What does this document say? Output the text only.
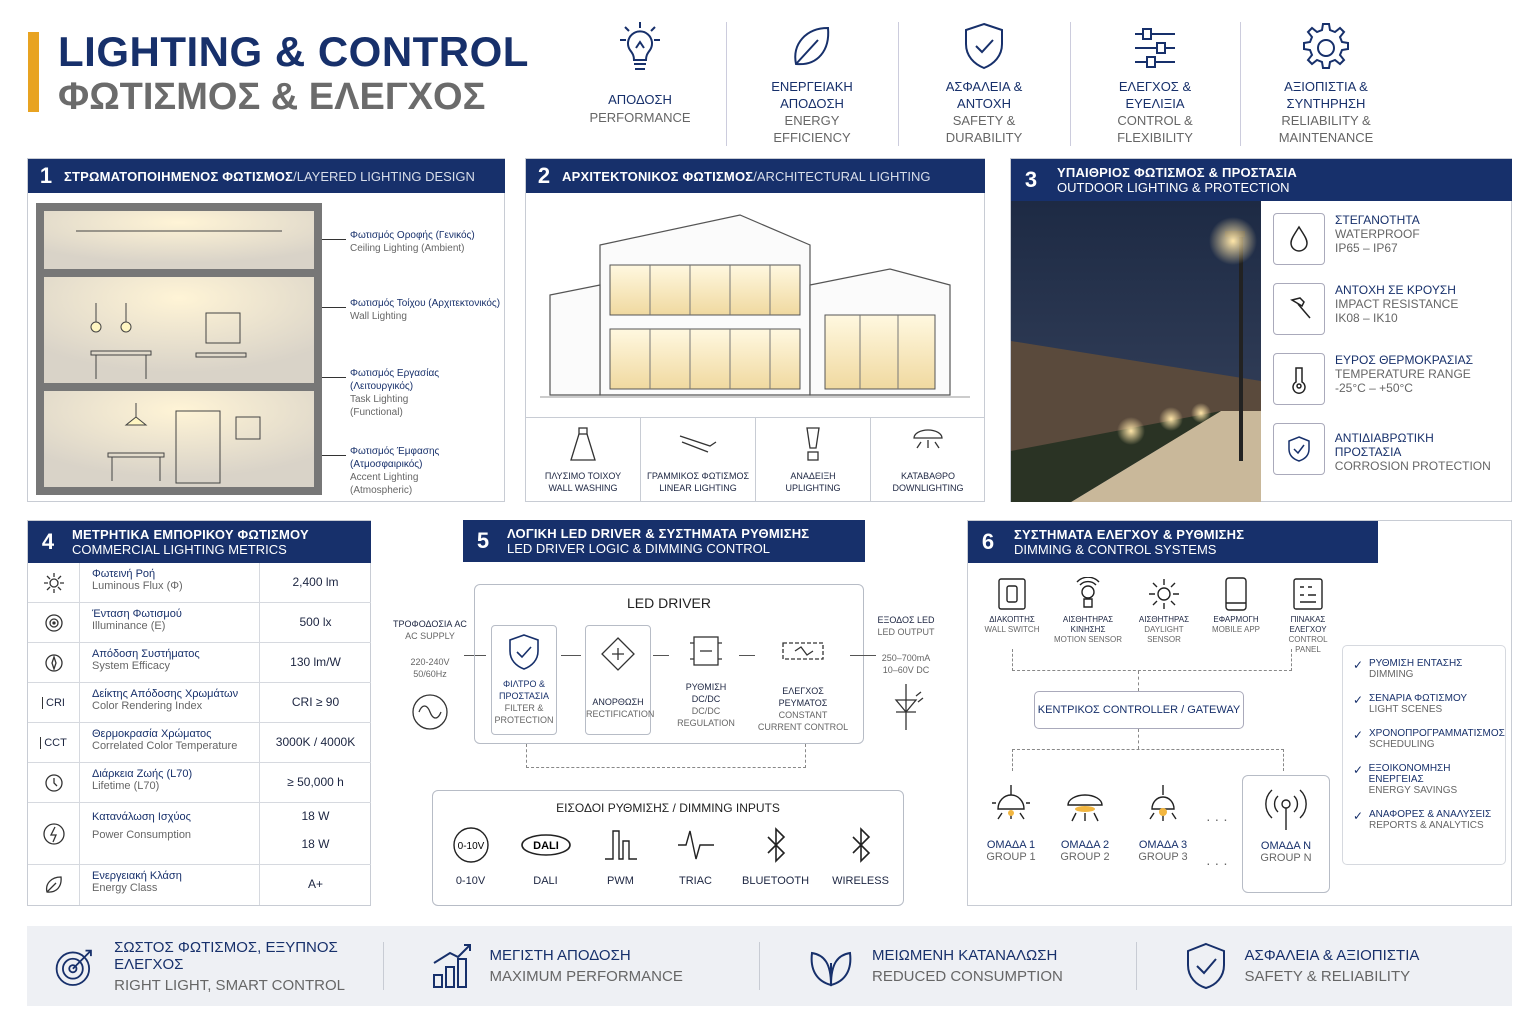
LIGHTING & CONTROL
ΦΩΤΙΣΜΟΣ & ΕΛΕΓΧΟΣ	ΑΠΟΔΟΣΗ
PERFORMANCE
ΕΝΕΡΓΕΙΑΚΗ ΑΠΟΔΟΣΗ
ENERGY EFFICIENCY
ΑΣΦΑΛΕΙΑ & ΑΝΤΟΧΗ
SAFETY & DURABILITY
ΕΛΕΓΧΟΣ & ΕΥΕΛΙΞΙΑ
CONTROL & FLEXIBILITY
ΑΞΙΟΠΙΣΤΙΑ & ΣΥΝΤΗΡΗΣΗ
RELIABILITY & MAINTENANCE
1 ΣΤΡΩΜΑΤΟΠΟΙΗΜΕΝΟΣ ΦΩΤΙΣΜΟΣ / LAYERED LIGHTING DESIGN
Φωτισμός Οροφής (Γενικός)
Ceiling Lighting (Ambient)
Φωτισμός Τοίχου (Αρχιτεκτονικός)
Wall Lighting
Φωτισμός Εργασίας (Λειτουργικός)
Task Lighting (Functional)
Φωτισμός Έμφασης (Ατμοσφαιρικός)
Accent Lighting (Atmospheric)
2 ΑΡΧΙΤΕΚΤΟΝΙΚΟΣ ΦΩΤΙΣΜΟΣ / ARCHITECTURAL LIGHTING
ΠΛΥΣΙΜΟ ΤΟΙΧΟΥ
WALL WASHING
ΓΡΑΜΜΙΚΟΣ ΦΩΤΙΣΜΟΣ
LINEAR LIGHTING
ΑΝΑΔΕΙΞΗ
UPLIGHTING
ΚΑΤΑΒΑΘΡΟ
DOWNLIGHTING
3	ΥΠΑΙΘΡΙΟΣ ΦΩΤΙΣΜΟΣ & ΠΡΟΣΤΑΣΙΑ
OUTDOOR LIGHTING & PROTECTION
ΣΤΕΓΑΝΟΤΗΤΑ
WATERPROOF
IP65 – IP67
ΑΝΤΟΧΗ ΣΕ ΚΡΟΥΣΗ
IMPACT RESISTANCE
IK08 – IK10
ΕΥΡΟΣ ΘΕΡΜΟΚΡΑΣΙΑΣ
TEMPERATURE RANGE
-25°C – +50°C
ΑΝΤΙΔΙΑΒΡΩΤΙΚΗ ΠΡΟΣΤΑΣΙΑ
CORROSION PROTECTION
4	ΜΕΤΡΗΤΙΚΑ ΕΜΠΟΡΙΚΟΥ ΦΩΤΙΣΜΟΥ
COMMERCIAL LIGHTING METRICS
Φωτεινή Ροή
Luminous Flux (Φ)	2,400 lm
Ένταση Φωτισμού
Illuminance (E)	500 lx
Απόδοση Συστήματος
System Efficacy	130 lm/W
CRI
Δείκτης Απόδοσης Χρωμάτων
Color Rendering Index	CRI ≥ 90
CCT
Θερμοκρασία Χρώματος
Correlated Color Temperature	3000K / 4000K
Διάρκεια Ζωής (L70)
Lifetime (L70)	≥ 50,000 h
Κατανάλωση Ισχύος
Power Consumption
18 W
18 W
Ενεργειακή Κλάση
Energy Class	A+
5	ΛΟΓΙΚΗ LED DRIVER & ΣΥΣΤΗΜΑΤΑ ΡΥΘΜΙΣΗΣ
LED DRIVER LOGIC & DIMMING CONTROL
ΤΡΟΦΟΔΟΣΙΑ AC
AC SUPPLY
220-240V
50/60Hz
LED DRIVER
ΦΙΛΤΡΟ & ΠΡΟΣΤΑΣΙΑ
FILTER & PROTECTION
ΑΝΟΡΘΩΣΗ
RECTIFICATION
ΡΥΘΜΙΣΗ DC/DC
DC/DC REGULATION
ΕΛΕΓΧΟΣ ΡΕΥΜΑΤΟΣ
CONSTANT CURRENT CONTROL
ΕΞΟΔΟΣ LED
LED OUTPUT
250–700mA
10–60V DC
ΕΙΣΟΔΟΙ ΡΥΘΜΙΣΗΣ / DIMMING INPUTS
0-10V
0-10V
DALI
DALI	PWM	TRIAC	BLUETOOTH	WIRELESS
6	ΣΥΣΤΗΜΑΤΑ ΕΛΕΓΧΟΥ & ΡΥΘΜΙΣΗΣ
DIMMING & CONTROL SYSTEMS
ΔΙΑΚΟΠΤΗΣ
WALL SWITCH
ΑΙΣΘΗΤΗΡΑΣ ΚΙΝΗΣΗΣ
MOTION SENSOR
ΑΙΣΘΗΤΗΡΑΣ
DAYLIGHT SENSOR
ΕΦΑΡΜΟΓΗ
MOBILE APP
ΠΙΝΑΚΑΣ ΕΛΕΓΧΟΥ
CONTROL PANEL
ΚΕΝΤΡΙΚΟΣ CONTROLLER / GATEWAY
ΟΜΑΔΑ 1
GROUP 1
ΟΜΑΔΑ 2
GROUP 2
ΟΜΑΔΑ 3
GROUP 3
· · ·
· · ·
ΟΜΑΔΑ N
GROUP N
✓ ΡΥΘΜΙΣΗ ΕΝΤΑΣΗΣ
DIMMING
✓ ΣΕΝΑΡΙΑ ΦΩΤΙΣΜΟΥ
LIGHT SCENES
✓ ΧΡΟΝΟΠΡΟΓΡΑΜΜΑΤΙΣΜΟΣ
SCHEDULING
✓ ΕΞΟΙΚΟΝΟΜΗΣΗ ΕΝΕΡΓΕΙΑΣ
ENERGY SAVINGS
✓ ΑΝΑΦΟΡΕΣ & ΑΝΑΛΥΣΕΙΣ
REPORTS & ANALYTICS
ΣΩΣΤΟΣ ΦΩΤΙΣΜΟΣ, ΕΞΥΠΝΟΣ ΕΛΕΓΧΟΣ
RIGHT LIGHT, SMART CONTROL
ΜΕΓΙΣΤΗ ΑΠΟΔΟΣΗ
MAXIMUM PERFORMANCE
ΜΕΙΩΜΕΝΗ ΚΑΤΑΝΑΛΩΣΗ
REDUCED CONSUMPTION
ΑΣΦΑΛΕΙΑ & ΑΞΙΟΠΙΣΤΙΑ
SAFETY & RELIABILITY
